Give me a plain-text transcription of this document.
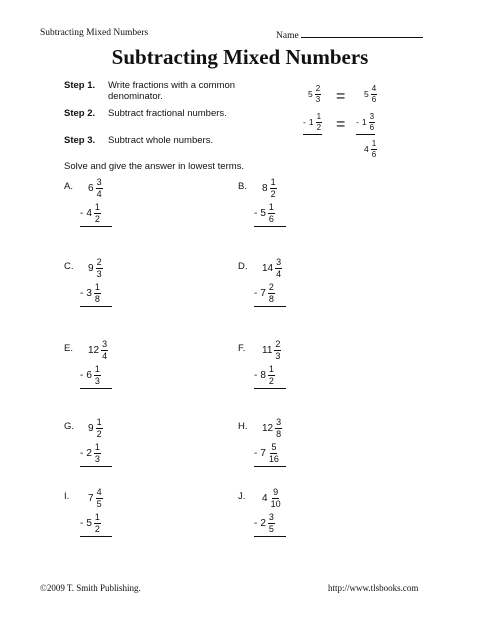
Subtracting Mixed Numbers	Name
Subtracting Mixed Numbers
Step 1. Write fractions with a common
denominator.
Step 2. Subtract fractional numbers.
Step 3. Subtract whole numbers.
$5 \frac{2}{3} = 5 \frac{4}{6}$
- $1 \frac{1}{2}$ = - $1 \frac{3}{6}$
$4 \frac{1}{6}$
Solve and give the answer in lowest terms.
A. $6 \frac{3}{4}$
- $4 \frac{1}{2}$
B. $8 \frac{1}{2}$
- $5 \frac{1}{6}$
C. $9 \frac{2}{3}$
- $3 \frac{1}{8}$
D. $14 \frac{3}{4}$
- $7 \frac{2}{8}$
E. $12 \frac{3}{4}$
- $6 \frac{1}{3}$
F. $11 \frac{2}{3}$
- $8 \frac{1}{2}$
G. $9 \frac{1}{2}$
- $2 \frac{1}{3}$
H. $12 \frac{3}{8}$
- $7 \frac{5}{16}$
I. $7 \frac{4}{5}$
- $5 \frac{1}{2}$
J. $4 \frac{9}{10}$
- $2 \frac{3}{5}$
©2009 T. Smith Publishing.	http://www.tlsbooks.com
